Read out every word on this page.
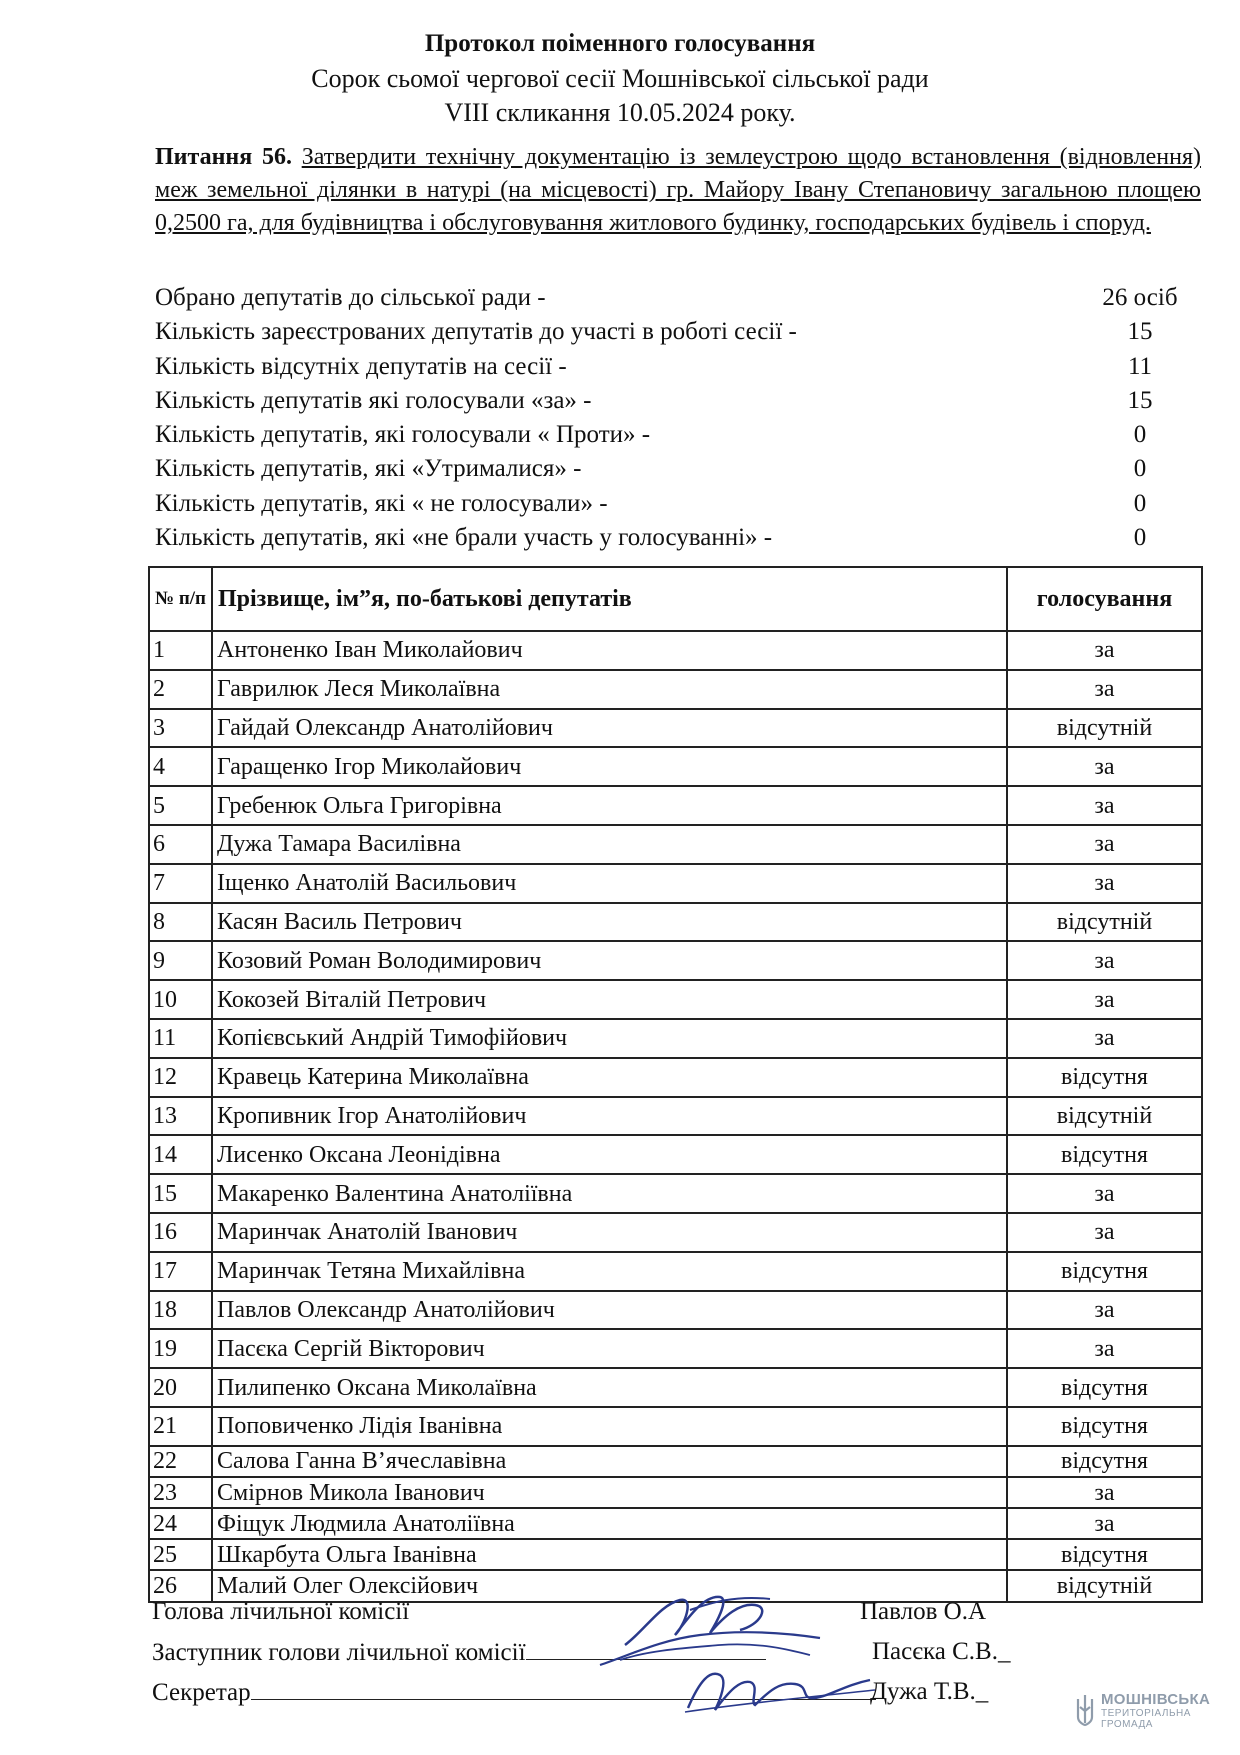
Протокол поіменного голосування
Сорок сьомої чергової сесії Мошнівської сільської ради
VIII скликання 10.05.2024 року.
Питання 56. Затвердити технічну документацію із землеустрою щодо встановлення (відновлення) меж земельної ділянки в натурі (на місцевості) гр. Майору Івану Степановичу загальною площею 0,2500 га, для будівництва і обслуговування житлового будинку, господарських будівель і споруд.
Обрано депутатів до сільської ради -	26 осіб
Кількість зареєстрованих депутатів до участі в роботі сесії -	15
Кількість відсутніх депутатів на сесії -	11
Кількість депутатів які голосували «за» -	15
Кількість депутатів, які голосували « Проти» -	0
Кількість депутатів, які «Утрималися» -	0
Кількість депутатів, які « не голосували» -	0
Кількість депутатів, які «не брали участь у голосуванні» -	0
№ п/п	Прізвище, ім”я, по-батькові депутатів	голосування
1	Антоненко Іван Миколайович	за
2	Гаврилюк Леся Миколаївна	за
3	Гайдай Олександр Анатолійович	відсутній
4	Гаращенко Ігор Миколайович	за
5	Гребенюк Ольга Григорівна	за
6	Дужа Тамара Василівна	за
7	Іщенко Анатолій Васильович	за
8	Касян Василь Петрович	відсутній
9	Козовий Роман Володимирович	за
10	Кокозей Віталій Петрович	за
11	Копієвський Андрій Тимофійович	за
12	Кравець Катерина Миколаївна	відсутня
13	Кропивник Ігор Анатолійович	відсутній
14	Лисенко Оксана Леонідівна	відсутня
15	Макаренко Валентина Анатоліївна	за
16	Маринчак Анатолій Іванович	за
17	Маринчак Тетяна Михайлівна	відсутня
18	Павлов Олександр Анатолійович	за
19	Пасєка Сергій Вікторович	за
20	Пилипенко Оксана Миколаївна	відсутня
21	Поповиченко Лідія Іванівна	відсутня
22	Салова Ганна В’ячеславівна	відсутня
23	Смірнов Микола Іванович	за
24	Фіщук Людмила Анатоліївна	за
25	Шкарбута Ольга Іванівна	відсутня
26	Малий Олег Олексійович	відсутній
Голова лічильної комісії
Заступник голови лічильної комісії
Секретар
Павлов О.А
Пасєка С.В._
Дужа Т.В._	МОШНІВСЬКА
ТЕРИТОРІАЛЬНА
ГРОМАДА
